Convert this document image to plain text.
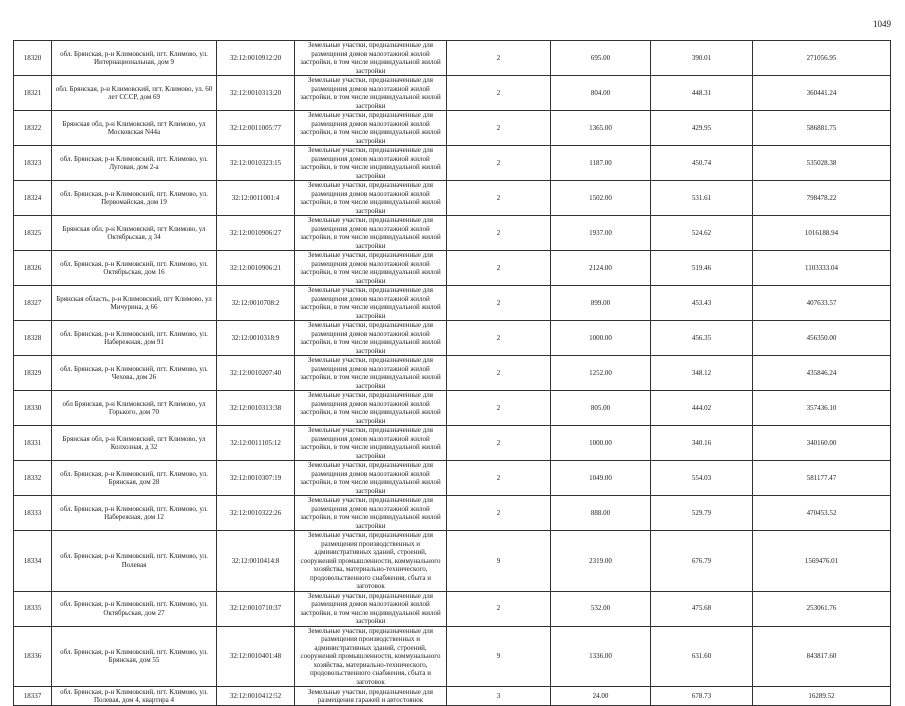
1049
18320	обл. Брянская, р-н Климовский, пгт. Климово, ул. Интернациональная, дом 9	32:12:0010912:20	Земельные участки, предназначенные для размещения домов малоэтажной жилой застройки, в том числе индивидуальной жилой застройки	2	695.00	390.01	271056.95
18321	обл. Брянская, р-н Климовский, пгт. Климово, ул. 60 лет СССР, дом 69	32:12:0010313:20	Земельные участки, предназначенные для размещения домов малоэтажной жилой застройки, в том числе индивидуальной жилой застройки	2	804.00	448.31	360441.24
18322	Брянская обл, р-н Климовский, пгт Климово, ул Московская N44а	32:12:0011005:77	Земельные участки, предназначенные для размещения домов малоэтажной жилой застройки, в том числе индивидуальной жилой застройки	2	1365.00	429.95	586881.75
18323	обл. Брянская, р-н Климовский, пгт. Климово, ул. Луговая, дом 2-а	32:12:0010323:15	Земельные участки, предназначенные для размещения домов малоэтажной жилой застройки, в том числе индивидуальной жилой застройки	2	1187.00	450.74	535028.38
18324	обл. Брянская, р-н Климовский, пгт. Климово, ул. Первомайская, дом 19	32:12:0011001:4	Земельные участки, предназначенные для размещения домов малоэтажной жилой застройки, в том числе индивидуальной жилой застройки	2	1502.00	531.61	798478.22
18325	Брянская обл, р-н Климовский, пгт Климово, ул Октябрьская, д 34	32:12:0010906:27	Земельные участки, предназначенные для размещения домов малоэтажной жилой застройки, в том числе индивидуальной жилой застройки	2	1937.00	524.62	1016188.94
18326	обл. Брянская, р-н Климовский, пгт. Климово, ул. Октябрьская, дом 16	32:12:0010906:21	Земельные участки, предназначенные для размещения домов малоэтажной жилой застройки, в том числе индивидуальной жилой застройки	2	2124.00	519.46	1103333.04
18327	Брянская область, р-н Климовский, пгт Климово, ул Мичурина, д 66	32:12:0010708:2	Земельные участки, предназначенные для размещения домов малоэтажной жилой застройки, в том числе индивидуальной жилой застройки	2	899.00	453.43	407633.57
18328	обл. Брянская, р-н Климовский, пгт. Климово, ул. Набережная, дом 91	32:12:0010318:9	Земельные участки, предназначенные для размещения домов малоэтажной жилой застройки, в том числе индивидуальной жилой застройки	2	1000.00	456.35	456350.00
18329	обл. Брянская, р-н Климовский, пгт. Климово, ул. Чехова, дом 26	32:12:0010207:40	Земельные участки, предназначенные для размещения домов малоэтажной жилой застройки, в том числе индивидуальной жилой застройки	2	1252.00	348.12	435846.24
18330	обл Брянская, р-н Климовский, пгт Климово, ул Горького, дом 70	32:12:0010313:38	Земельные участки, предназначенные для размещения домов малоэтажной жилой застройки, в том числе индивидуальной жилой застройки	2	805.00	444.02	357436.10
18331	Брянская обл, р-н Климовский, пгт Климово, ул Колхозная, д 32	32:12:0011105:12	Земельные участки, предназначенные для размещения домов малоэтажной жилой застройки, в том числе индивидуальной жилой застройки	2	1000.00	340.16	340160.00
18332	обл. Брянская, р-н Климовский, пгт. Климово, ул. Брянская, дом 28	32:12:0010307:19	Земельные участки, предназначенные для размещения домов малоэтажной жилой застройки, в том числе индивидуальной жилой застройки	2	1049.00	554.03	581177.47
18333	обл. Брянская, р-н Климовский, пгт. Климово, ул. Набережная, дом 12	32:12:0010322:26	Земельные участки, предназначенные для размещения домов малоэтажной жилой застройки, в том числе индивидуальной жилой застройки	2	888.00	529.79	470453.52
18334	обл. Брянская, р-н Климовский, пгт. Климово, ул. Полевая	32:12:0010414:8	Земельные участки, предназначенные для размещения производственных и административных зданий, строений, сооружений промышленности, коммунального хозяйства, материально-технического, продовольственного снабжения, сбыта и заготовок	9	2319.00	676.79	1569476.01
18335	обл. Брянская, р-н Климовский, пгт. Климово, ул. Октябрьская, дом 27	32:12:0010710:37	Земельные участки, предназначенные для размещения домов малоэтажной жилой застройки, в том числе индивидуальной жилой застройки	2	532.00	475.68	253061.76
18336	обл. Брянская, р-н Климовский, пгт. Климово, ул. Брянская, дом 55	32:12:0010401:48	Земельные участки, предназначенные для размещения производственных и административных зданий, строений, сооружений промышленности, коммунального хозяйства, материально-технического, продовольственного снабжения, сбыта и заготовок	9	1336.00	631.60	843817.60
18337	обл. Брянская, р-н Климовский, пгт. Климово, ул. Полевая, дом 4, квартира 4	32:12:0010412:52	Земельные участки, предназначенные для размещения гаражей и автостоянок	3	24.00	678.73	16289.52
